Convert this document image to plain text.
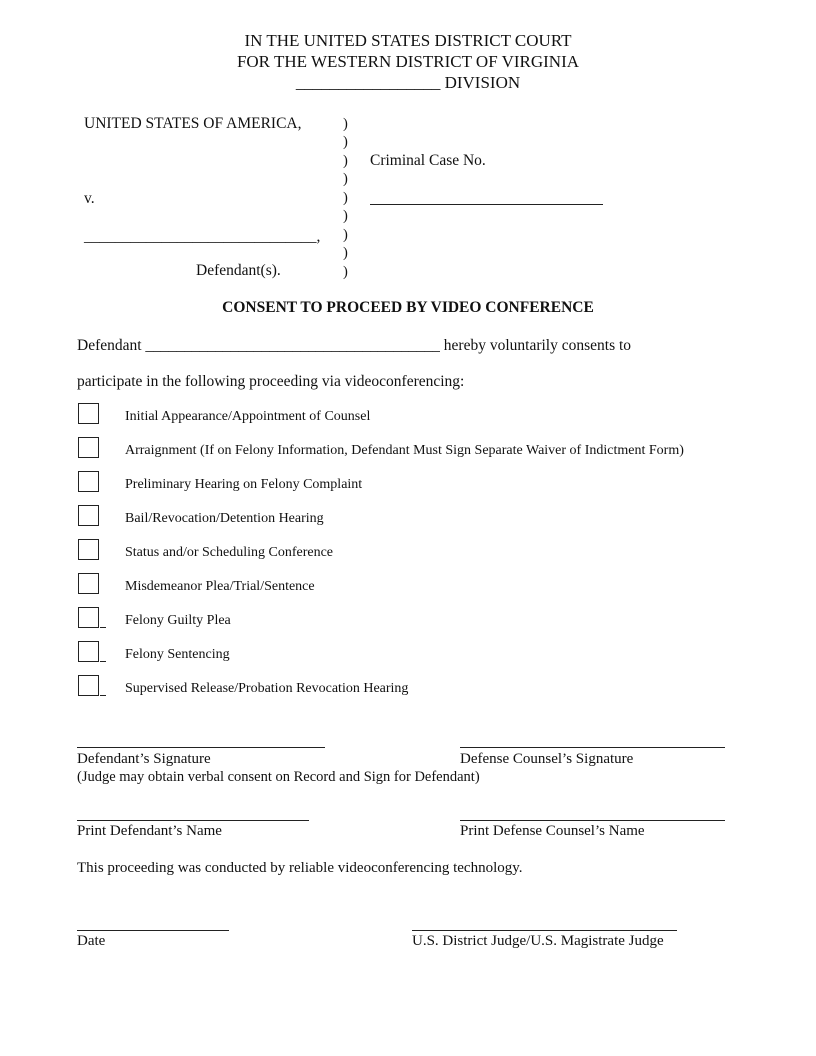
IN THE UNITED STATES DISTRICT COURT
FOR THE WESTERN DISTRICT OF VIRGINIA
_________________ DIVISION
UNITED STATES OF AMERICA,
v.
______________________________,
Defendant(s).
)
)
)
)
)
)
)
)
)
Criminal Case No.
CONSENT TO PROCEED BY VIDEO CONFERENCE
Defendant ______________________________________ hereby voluntarily consents to
participate in the following proceeding via videoconferencing:
Initial Appearance/Appointment of Counsel
Arraignment (If on Felony Information, Defendant Must Sign Separate Waiver of Indictment Form)
Preliminary Hearing on Felony Complaint
Bail/Revocation/Detention Hearing
Status and/or Scheduling Conference
Misdemeanor Plea/Trial/Sentence
Felony Guilty Plea
Felony Sentencing
Supervised Release/Probation Revocation Hearing
Defendant’s Signature	Defense Counsel’s Signature
(Judge may obtain verbal consent on Record and Sign for Defendant)
Print Defendant’s Name	Print Defense Counsel’s Name
This proceeding was conducted by reliable videoconferencing technology.
Date	U.S. District Judge/U.S. Magistrate Judge
